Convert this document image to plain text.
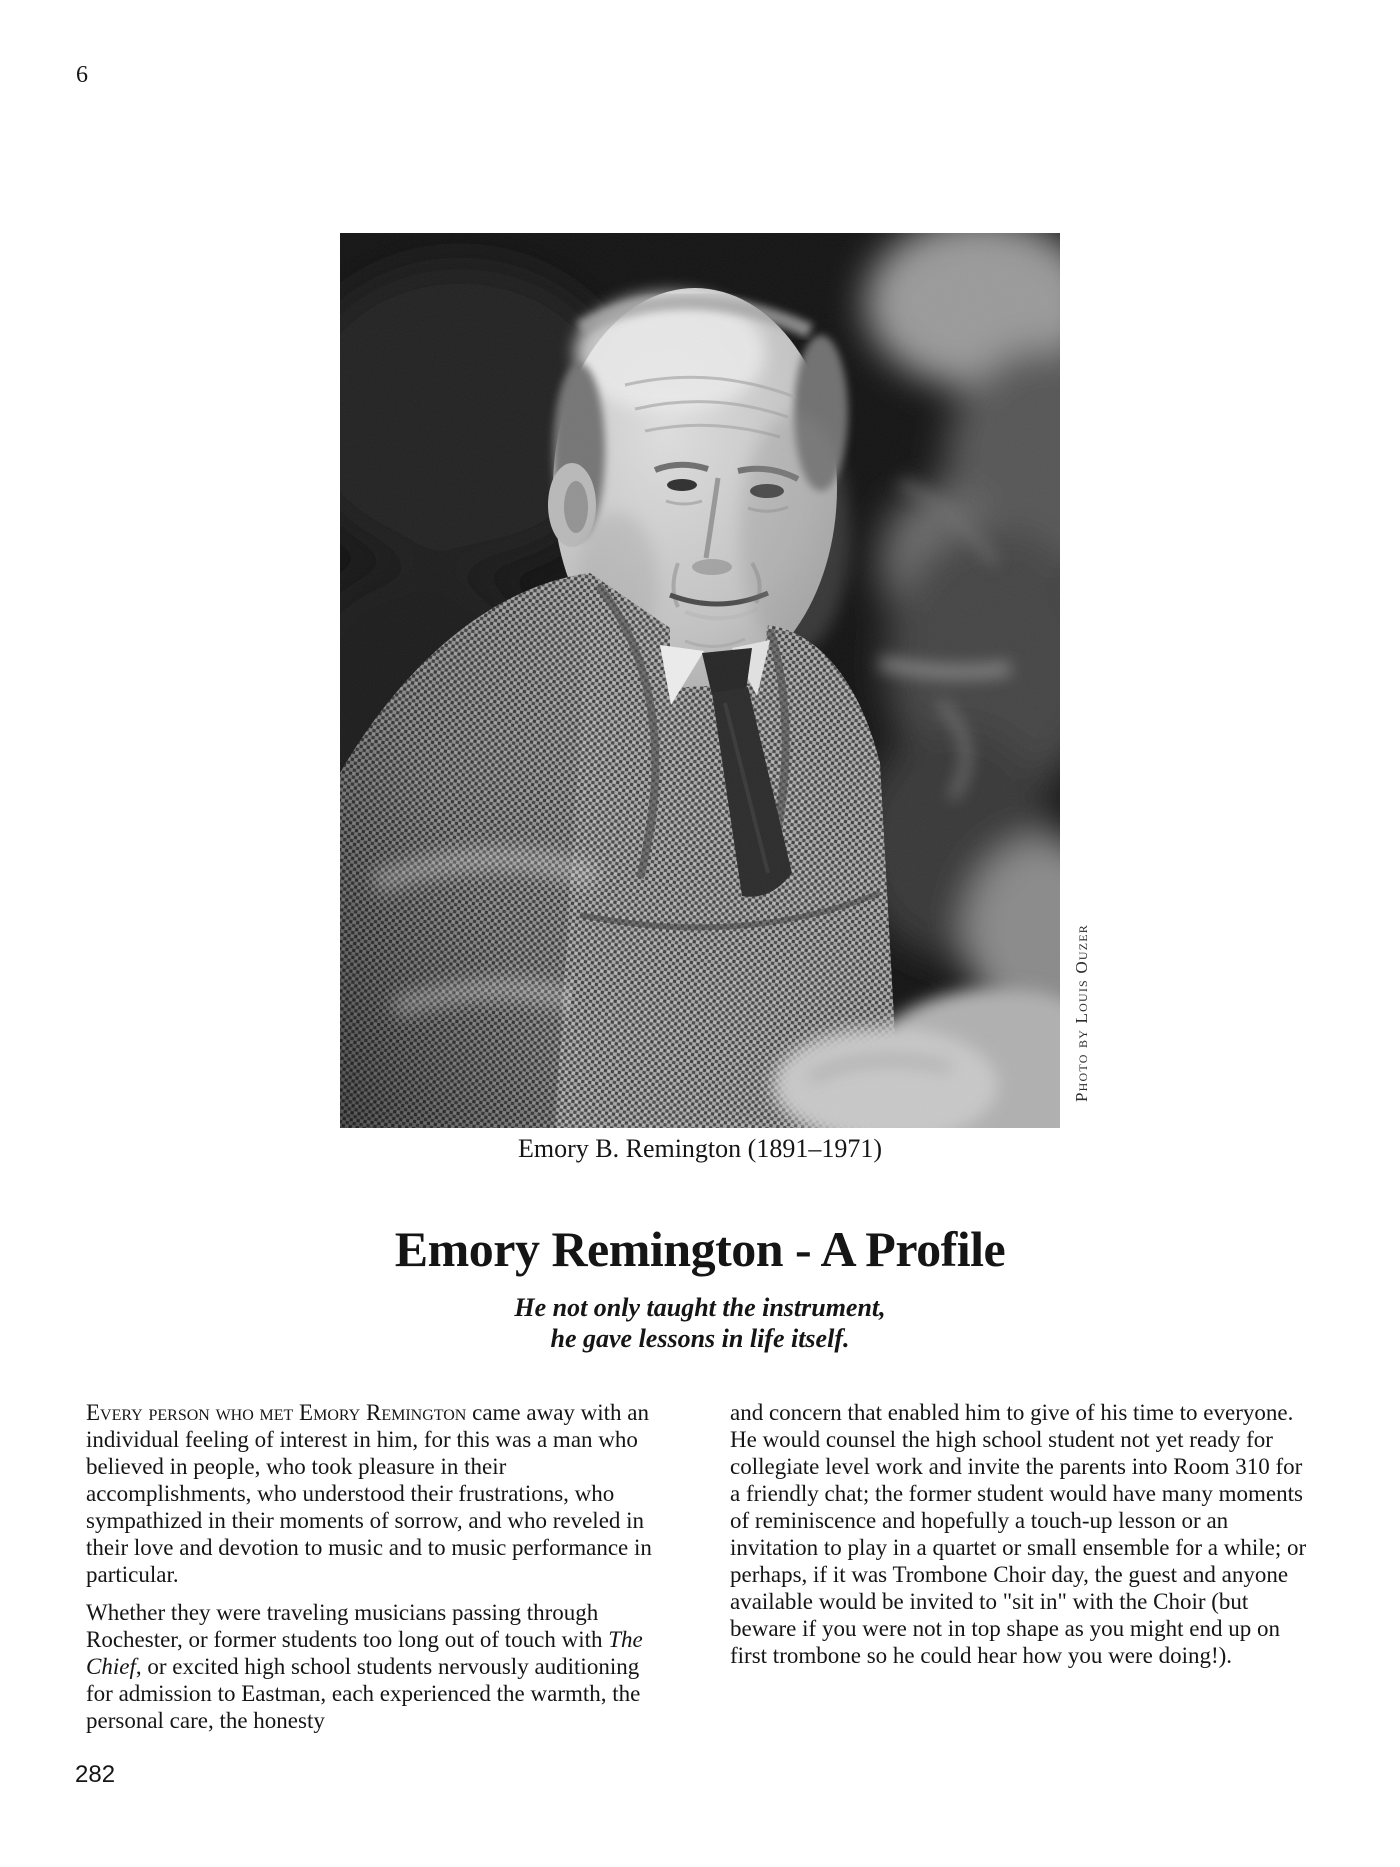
6
Photo by Louis Ouzer
Emory B. Remington (1891–1971)
Emory Remington - A Profile
He not only taught the instrument,
he gave lessons in life itself.

Every person who met Emory Remington came away with an individual feeling of interest in him, for this was a man who believed in people, who took pleasure in their accomplishments, who understood their frustrations, who sympathized in their moments of sorrow, and who reveled in their love and devotion to music and to music performance in particular.

Whether they were traveling musicians passing through Rochester, or former students too long out of touch with The Chief, or excited high school students nervously auditioning for admission to Eastman, each experienced the warmth, the personal care, the honesty

and concern that enabled him to give of his time to everyone. He would counsel the high school student not yet ready for collegiate level work and invite the parents into Room 310 for a friendly chat; the former student would have many moments of reminiscence and hopefully a touch-up lesson or an invitation to play in a quartet or small ensemble for a while; or perhaps, if it was Trombone Choir day, the guest and anyone available would be invited to "sit in" with the Choir (but beware if you were not in top shape as you might end up on first trombone so he could hear how you were doing!).

282
